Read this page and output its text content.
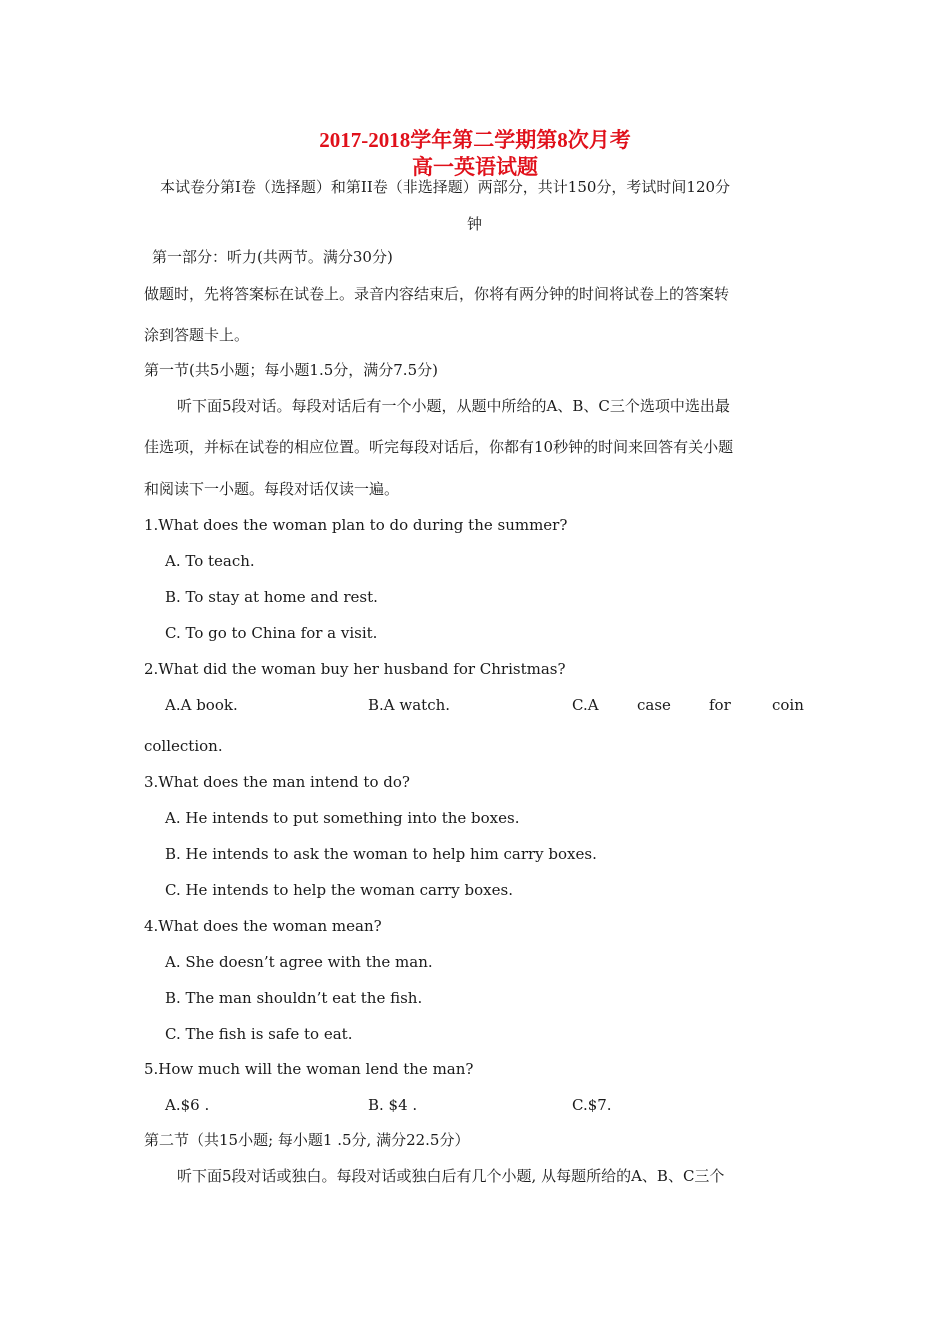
2017-2018学年第二学期第8次月考
高一英语试题
本试卷分第I卷（选择题）和第II卷（非选择题）两部分，共计150分，考试时间120分
钟
第一部分：听力(共两节。满分30分)
做题时，先将答案标在试卷上。录音内容结束后，你将有两分钟的时间将试卷上的答案转
涂到答题卡上。
第一节(共5小题；每小题1.5分，满分7.5分)
听下面5段对话。每段对话后有一个小题，从题中所给的A、B、C三个选项中选出最
佳选项，并标在试卷的相应位置。听完每段对话后，你都有10秒钟的时间来回答有关小题
和阅读下一小题。每段对话仅读一遍。
1.What does the woman plan to do during the summer?
A. To teach.
B. To stay at home and rest.
C. To go to China for a visit.
2.What did the woman buy her husband for Christmas?
A.A book.	B.A watch.	C.A	case	for	coin
collection.
3.What does the man intend to do?
A. He intends to put something into the boxes.
B. He intends to ask the woman to help him carry boxes.
C. He intends to help the woman carry boxes.
4.What does the woman mean?
A. She doesn’t agree with the man.
B. The man shouldn’t eat the fish.
C. The fish is safe to eat.
5.How much will the woman lend the man?
A.$6 .	B. $4 .	C.$7.
第二节（共15小题; 每小题1 .5分, 满分22.5分）
听下面5段对话或独白。每段对话或独白后有几个小题, 从每题所给的A、B、C三个
